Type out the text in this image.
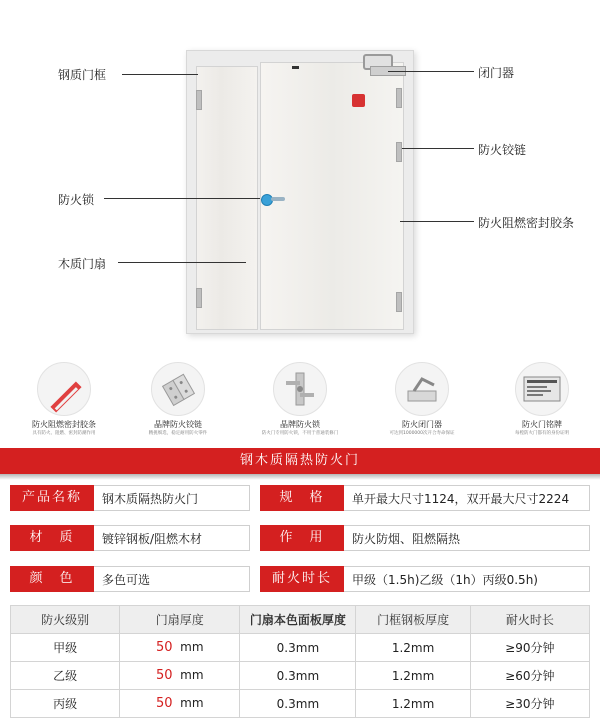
钢质门框	闭门器
防火铰链
防火锁
防火阻燃密封胶条
木质门扇
防火阻燃密封胶条
具有防火、阻燃、密封防潮作用
晶牌防火铰链
精挑细选，稳定耐用防火零件
晶牌防火锁
防火门专用防火锁，不用于普通装修门
防火闭门器
可达到1000000次开合寿命保证
防火门铭牌
每樘防火门都有的身份证明
钢木质隔热防火门
产品名称	钢木质隔热防火门	规　格	单开最大尺寸1124，双开最大尺寸2224
材　质	镀锌钢板/阻燃木材	作　用	防火防烟、阻燃隔热
颜　色	多色可选	耐火时长	甲级（1.5h)乙级（1h）丙级0.5h)
防火级别	门扇厚度	门扇本色面板厚度	门框钢板厚度	耐火时长
甲级	50 mm	0.3mm	1.2mm	≥90分钟
乙级	50 mm	0.3mm	1.2mm	≥60分钟
丙级	50 mm	0.3mm	1.2mm	≥30分钟
